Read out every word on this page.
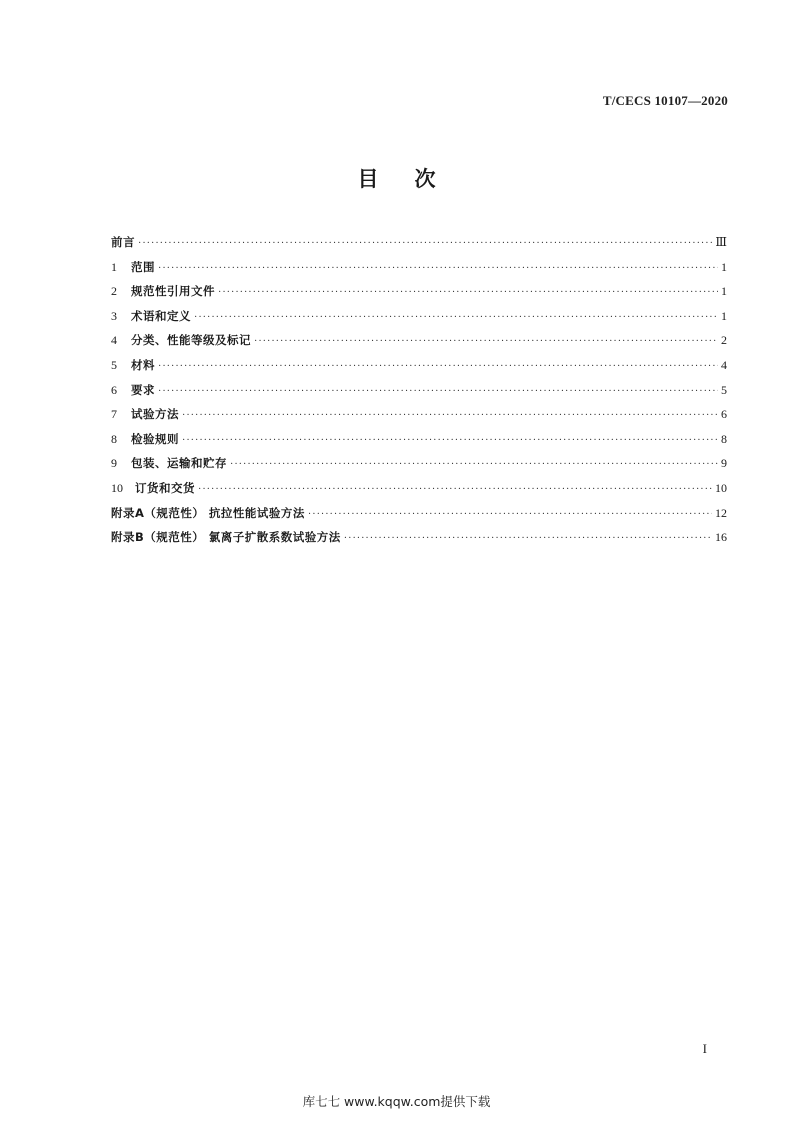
T/CECS 10107—2020
目 次
前言 ·····	Ⅲ
1	范围 ·····	1
2	规范性引用文件 ·····	1
3	术语和定义 ·····	1
4	分类、性能等级及标记 ·····	2
5	材料 ·····	4
6	要求 ·····	5
7	试验方法 ·····	6
8	检验规则 ·····	8
9	包装、运输和贮存 ·····	9
10	订货和交货 ·····	10
附录A（规范性） 抗拉性能试验方法 ·····	12
附录B（规范性） 氯离子扩散系数试验方法 ·····	16
I
库七七 www.kqqw.com提供下载
